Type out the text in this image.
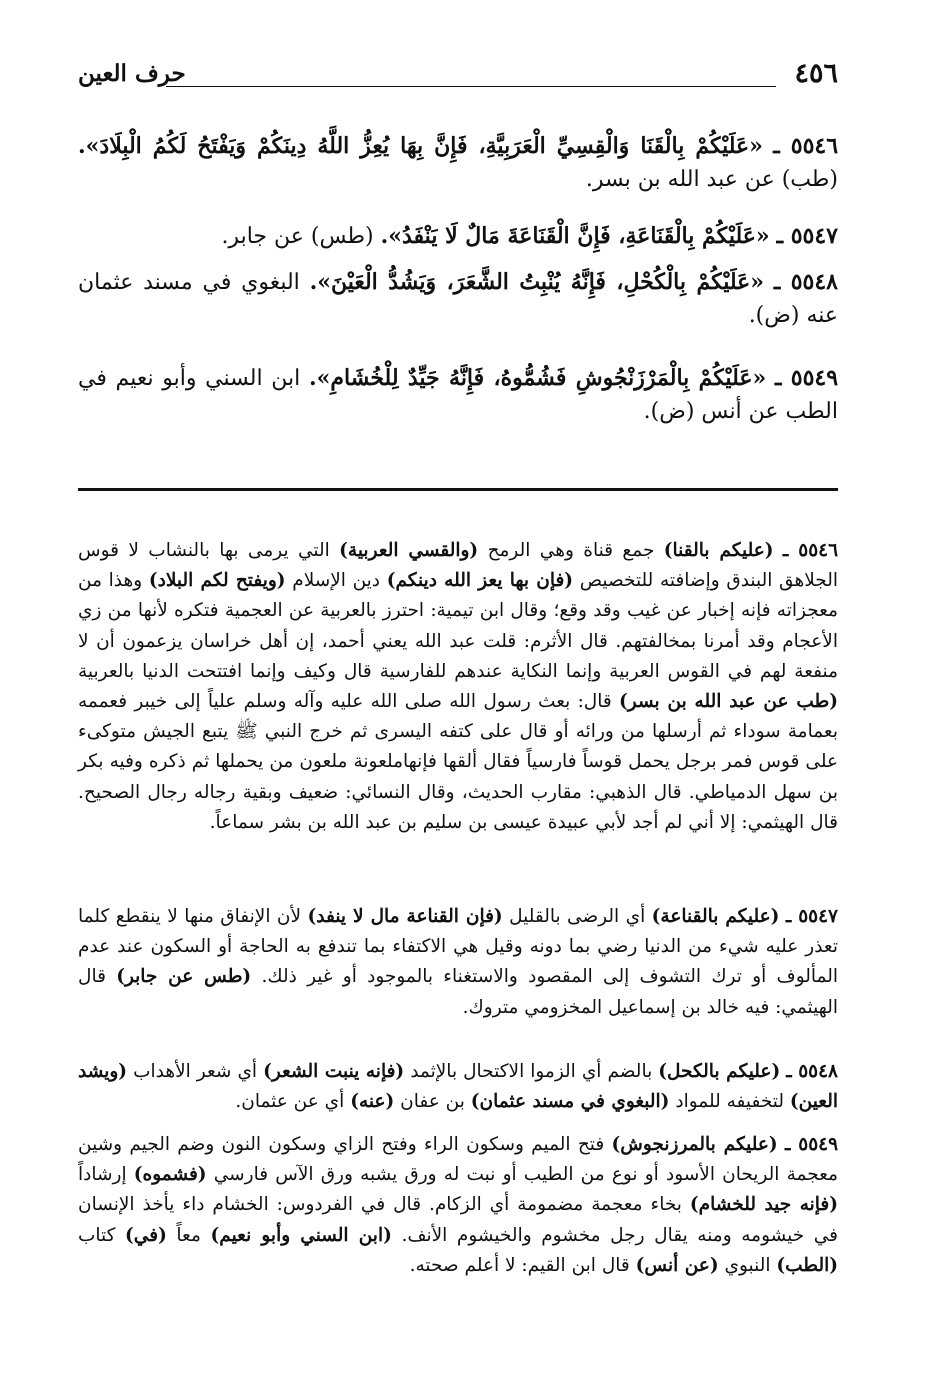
٤٥٦
حرف العين
٥٥٤٦ ـ «عَلَيْكُمْ بِالْقَنَا وَالْقِسِيِّ الْعَرَبِيَّةِ، فَإِنَّ بِهَا يُعِزُّ اللَّهُ دِينَكُمْ وَيَفْتَحُ لَكُمُ الْبِلَادَ». (طب) عن عبد الله بن بسر.
٥٥٤٧ ـ «عَلَيْكُمْ بِالْقَنَاعَةِ، فَإِنَّ الْقَنَاعَةَ مَالٌ لَا يَنْفَدُ». (طس) عن جابر.
٥٥٤٨ ـ «عَلَيْكُمْ بِالْكُحْلِ، فَإِنَّهُ يُنْبِتُ الشَّعَرَ، وَيَشُدُّ الْعَيْنَ». البغوي في مسند عثمان عنه (ض).
٥٥٤٩ ـ «عَلَيْكُمْ بِالْمَرْزَنْجُوشِ فَشُمُّوهُ، فَإِنَّهُ جَيِّدٌ لِلْخُشَامِ». ابن السني وأبو نعيم في الطب عن أنس (ض).
٥٥٤٦ ـ (عليكم بالقنا) جمع قناة وهي الرمح (والقسي العربية) التي يرمى بها بالنشاب لا قوس الجلاهق البندق وإضافته للتخصيص (فإن بها يعز الله دينكم) دين الإسلام (ويفتح لكم البلاد) وهذا من معجزاته فإنه إخبار عن غيب وقد وقع؛ وقال ابن تيمية: احترز بالعربية عن العجمية فتكره لأنها من زي الأعجام وقد أمرنا بمخالفتهم. قال الأثرم: قلت عبد الله يعني أحمد، إن أهل خراسان يزعمون أن لا منفعة لهم في القوس العربية وإنما النكاية عندهم للفارسية قال وكيف وإنما افتتحت الدنيا بالعربية (طب عن عبد الله بن بسر) قال: بعث رسول الله صلى الله عليه وآله وسلم علياً إلى خيبر فعممه بعمامة سوداء ثم أرسلها من ورائه أو قال على كتفه اليسرى ثم خرج النبي ﷺ يتبع الجيش متوكىء على قوس فمر برجل يحمل قوساً فارسياً فقال ألقها فإنهاملعونة ملعون من يحملها ثم ذكره وفيه بكر بن سهل الدمياطي. قال الذهبي: مقارب الحديث، وقال النسائي: ضعيف وبقية رجاله رجال الصحيح. قال الهيثمي: إلا أني لم أجد لأبي عبيدة عيسى بن سليم بن عبد الله بن بشر سماعاً.
٥٥٤٧ ـ (عليكم بالقناعة) أي الرضى بالقليل (فإن القناعة مال لا ينفد) لأن الإنفاق منها لا ينقطع كلما تعذر عليه شيء من الدنيا رضي بما دونه وقيل هي الاكتفاء بما تندفع به الحاجة أو السكون عند عدم المألوف أو ترك التشوف إلى المقصود والاستغناء بالموجود أو غير ذلك. (طس عن جابر) قال الهيثمي: فيه خالد بن إسماعيل المخزومي متروك.
٥٥٤٨ ـ (عليكم بالكحل) بالضم أي الزموا الاكتحال بالإثمد (فإنه ينبت الشعر) أي شعر الأهداب (ويشد العين) لتخفيفه للمواد (البغوي في مسند عثمان) بن عفان (عنه) أي عن عثمان.
٥٥٤٩ ـ (عليكم بالمرزنجوش) فتح الميم وسكون الراء وفتح الزاي وسكون النون وضم الجيم وشين معجمة الريحان الأسود أو نوع من الطيب أو نبت له ورق يشبه ورق الآس فارسي (فشموه) إرشاداً (فإنه جيد للخشام) بخاء معجمة مضمومة أي الزكام. قال في الفردوس: الخشام داء يأخذ الإنسان في خيشومه ومنه يقال رجل مخشوم والخيشوم الأنف. (ابن السني وأبو نعيم) معاً (في) كتاب (الطب) النبوي (عن أنس) قال ابن القيم: لا أعلم صحته.
